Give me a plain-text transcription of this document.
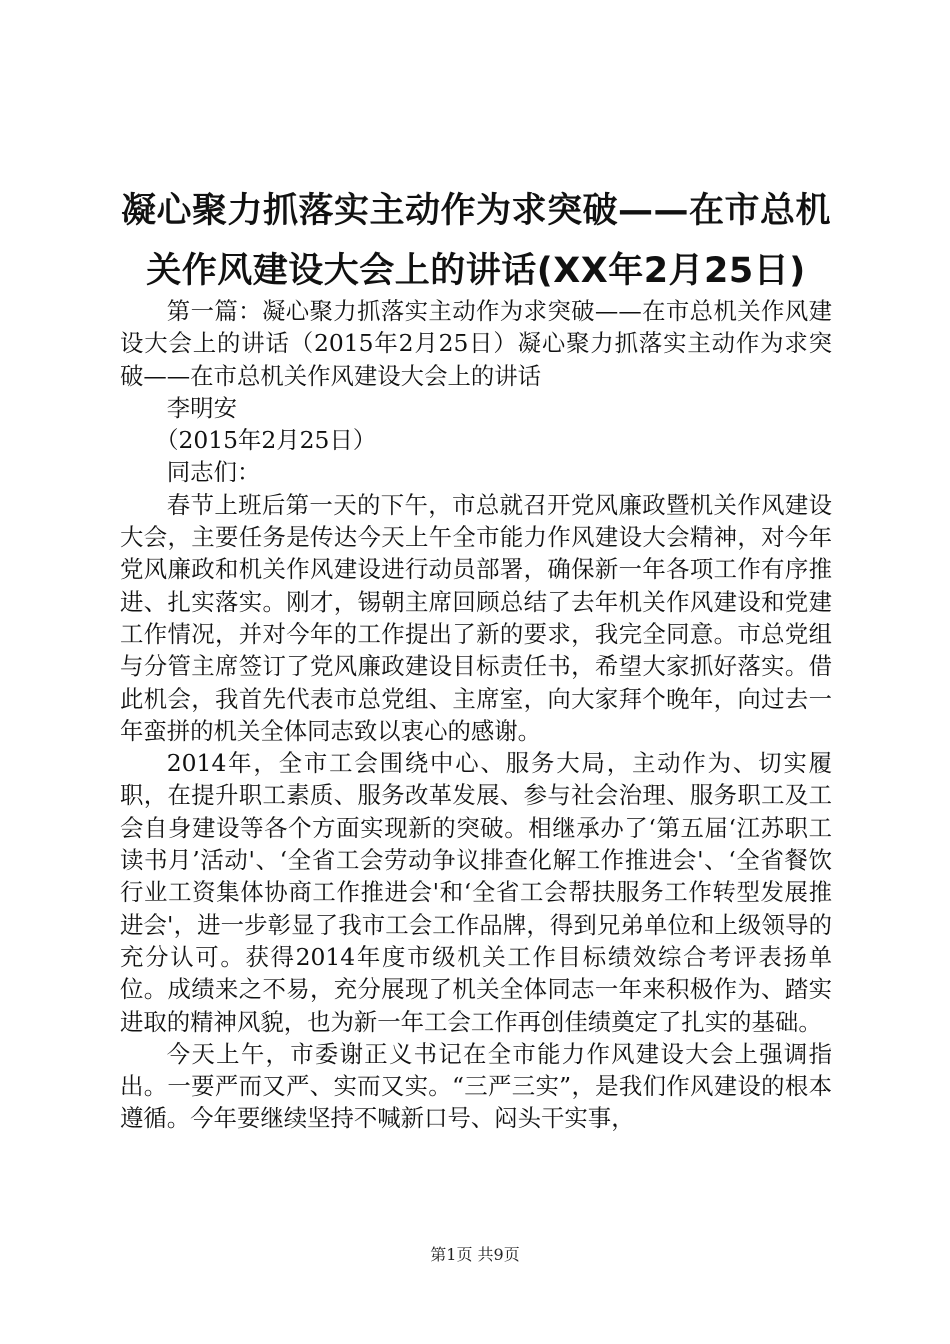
凝心聚力抓落实主动作为求突破——在市总机
关作风建设大会上的讲话(XX年2月25日)

第一篇：凝心聚力抓落实主动作为求突破——在市总机关作风建设大会上的讲话（2015年2月25日）凝心聚力抓落实主动作为求突破——在市总机关作风建设大会上的讲话

李明安

（2015年2月25日）

同志们：

春节上班后第一天的下午，市总就召开党风廉政暨机关作风建设大会，主要任务是传达今天上午全市能力作风建设大会精神，对今年党风廉政和机关作风建设进行动员部署，确保新一年各项工作有序推进、扎实落实。刚才，锡朝主席回顾总结了去年机关作风建设和党建工作情况，并对今年的工作提出了新的要求，我完全同意。市总党组与分管主席签订了党风廉政建设目标责任书，希望大家抓好落实。借此机会，我首先代表市总党组、主席室，向大家拜个晚年，向过去一年蛮拼的机关全体同志致以衷心的感谢。

2014年，全市工会围绕中心、服务大局，主动作为、切实履职，在提升职工素质、服务改革发展、参与社会治理、服务职工及工会自身建设等各个方面实现新的突破。相继承办了‘第五届‘江苏职工读书月’活动'、‘全省工会劳动争议排查化解工作推进会'、‘全省餐饮行业工资集体协商工作推进会'和‘全省工会帮扶服务工作转型发展推进会'，进一步彰显了我市工会工作品牌，得到兄弟单位和上级领导的充分认可。获得2014年度市级机关工作目标绩效综合考评表扬单位。成绩来之不易，充分展现了机关全体同志一年来积极作为、踏实进取的精神风貌，也为新一年工会工作再创佳绩奠定了扎实的基础。

今天上午，市委谢正义书记在全市能力作风建设大会上强调指出。一要严而又严、实而又实。“三严三实”，是我们作风建设的根本遵循。今年要继续坚持不喊新口号、闷头干实事，

第1页 共9页
